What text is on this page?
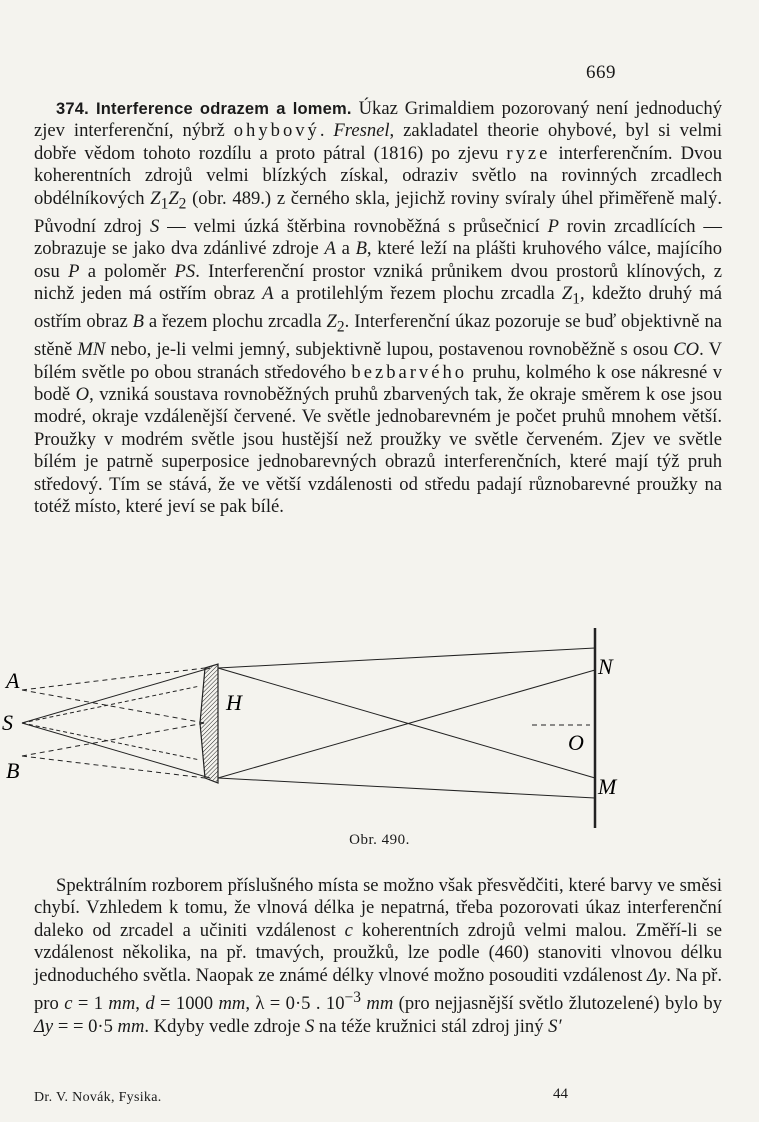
669

374. Interference odrazem a lomem. Úkaz Grimaldiem pozorovaný není jednoduchý zjev interferenční, nýbrž ohybový. Fresnel, zakladatel theorie ohybové, byl si velmi dobře vědom tohoto rozdílu a proto pátral (1816) po zjevu ryze interferenčním. Dvou koherentních zdrojů velmi blízkých získal, odraziv světlo na rovinných zrcadlech obdélníkových $Z_1Z_2$ (obr. 489.) z černého skla, jejichž roviny svíraly úhel přiměřeně malý. Původní zdroj S — velmi úzká štěrbina rovnoběžná s průsečnicí P rovin zrcadlících — zobrazuje se jako dva zdánlivé zdroje A a B, které leží na plášti kruhového válce, majícího osu P a poloměr PS. Interferenční prostor vzniká průnikem dvou prostorů klínových, z nichž jeden má ostřím obraz A a protilehlým řezem plochu zrcadla $Z_1$, kdežto druhý má ostřím obraz B a řezem plochu zrcadla $Z_2$. Interferenční úkaz pozoruje se buď objektivně na stěně MN nebo, je-li velmi jemný, subjektivně lupou, postavenou rovnoběžně s osou CO. V bílém světle po obou stranách středového bezbarvého pruhu, kolmého k ose nákresné v bodě O, vzniká soustava rovnoběžných pruhů zbarvených tak, že okraje směrem k ose jsou modré, okraje vzdálenější červené. Ve světle jednobarevném je počet pruhů mnohem větší. Proužky v modrém světle jsou hustější než proužky ve světle červeném. Zjev ve světle bílém je patrně superposice jednobarevných obrazů interferenčních, které mají týž pruh středový. Tím se stává, že ve větší vzdálenosti od středu padají různobarevné proužky na totéž místo, které jeví se pak bílé.

A
S
B
H
N
O
M
Obr. 490.

Spektrálním rozborem příslušného místa se možno však přesvědčiti, které barvy ve směsi chybí. Vzhledem k tomu, že vlnová délka je nepatrná, třeba pozorovati úkaz interferenční daleko od zrcadel a učiniti vzdálenost c koherentních zdrojů velmi malou. Změří-li se vzdálenost několika, na př. tmavých, proužků, lze podle (460) stanoviti vlnovou délku jednoduchého světla. Naopak ze známé délky vlnové možno posouditi vzdálenost Δy. Na př. pro c = 1 mm, d = 1000 mm, λ = 0·5 . $10^{-3}$ mm (pro nejjasnější světlo žlutozelené) bylo by Δy = = 0·5 mm. Kdyby vedle zdroje S na téže kružnici stál zdroj jiný S′

Dr. V. Novák, Fysika.	44
